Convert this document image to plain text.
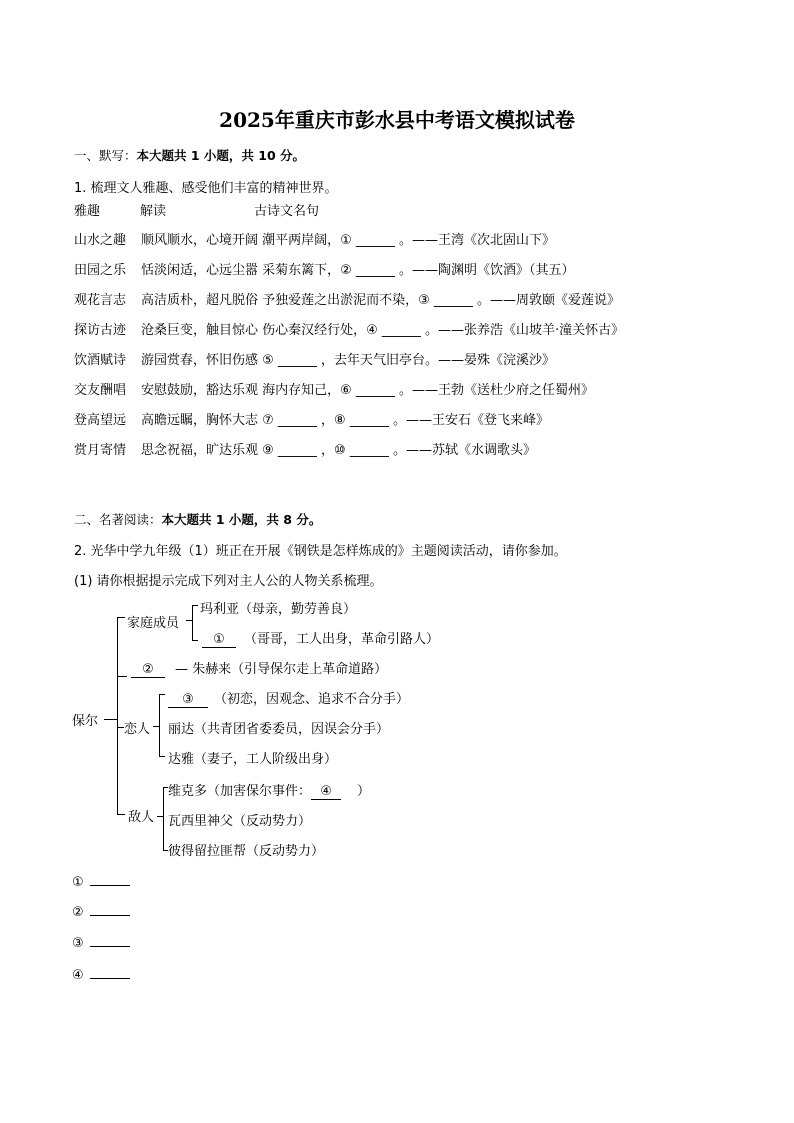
2025年重庆市彭水县中考语文模拟试卷
一、默写：本大题共 1 小题，共 10 分。
1. 梳理文人雅趣、感受他们丰富的精神世界。
雅趣	解读	古诗文名句
山水之趣 顺风顺水，心境开阔 潮平两岸阔，① ______ 。——王湾《次北固山下》
田园之乐 恬淡闲适，心远尘嚣 采菊东篱下，② ______ 。——陶渊明《饮酒》（其五）
观花言志 高洁质朴，超凡脱俗 予独爱莲之出淤泥而不染，③ ______ 。——周敦颐《爱莲说》
探访古迹 沧桑巨变，触目惊心 伤心秦汉经行处，④ ______ 。——张养浩《山坡羊·潼关怀古》
饮酒赋诗 游园赏春，怀旧伤感 ⑤ ______ ，去年天气旧亭台。——晏殊《浣溪沙》
交友酬唱 安慰鼓励，豁达乐观 海内存知己，⑥ ______ 。——王勃《送杜少府之任蜀州》
登高望远 高瞻远瞩，胸怀大志 ⑦ ______ ，⑧ ______ 。——王安石《登飞来峰》
赏月寄情 思念祝福，旷达乐观 ⑨ ______ ，⑩ ______ 。——苏轼《水调歌头》
二、名著阅读：本大题共 1 小题，共 8 分。
2. 光华中学九年级（1）班正在开展《钢铁是怎样炼成的》主题阅读活动，请你参加。
(1) 请你根据提示完成下列对主人公的人物关系梳理。
保尔
家庭成员
玛利亚（母亲，勤劳善良）
① （哥哥，工人出身，革命引路人）
② — 朱赫来（引导保尔走上革命道路）
恋人
③ （初恋，因观念、追求不合分手）
丽达（共青团省委委员，因误会分手）
达雅（妻子，工人阶级出身）
敌人
维克多（加害保尔事件： ④ ）
瓦西里神父（反动势力）
彼得留拉匪帮（反动势力）
①
②
③
④
